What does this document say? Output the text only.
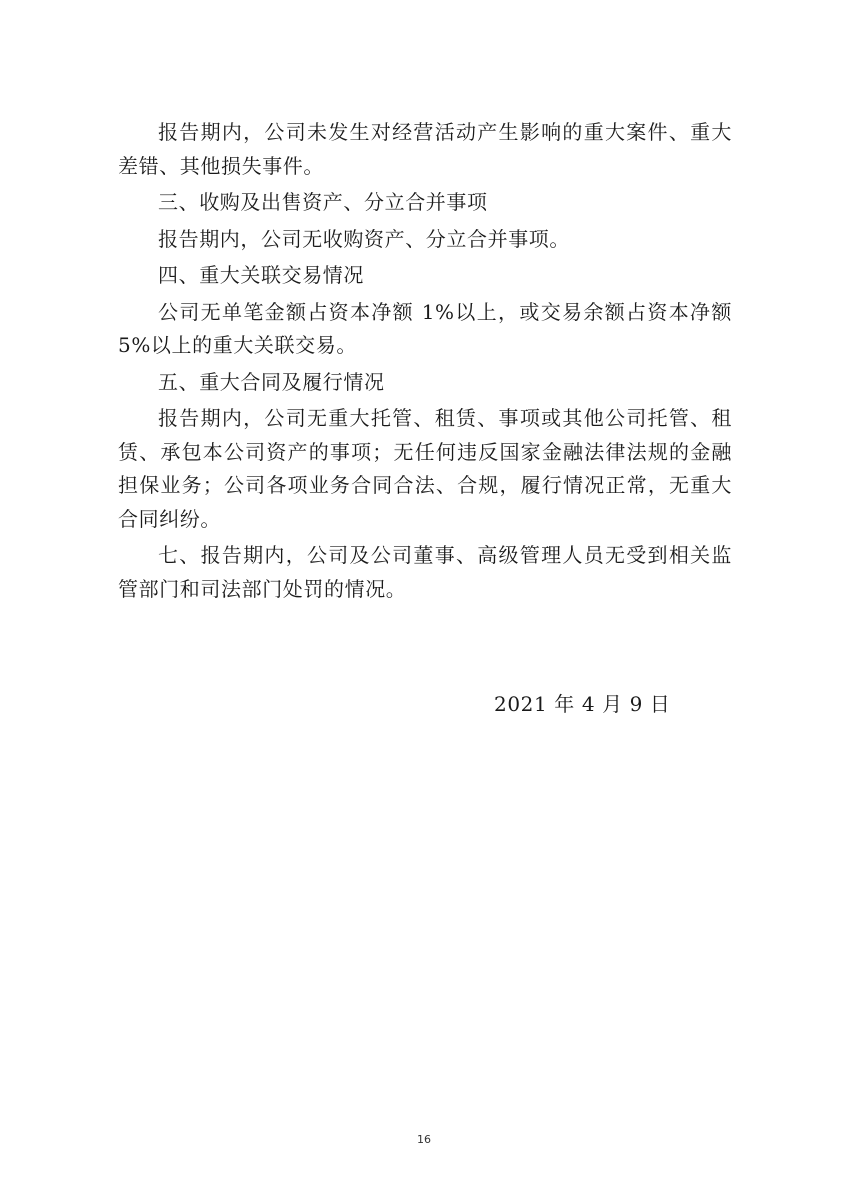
报告期内，公司未发生对经营活动产生影响的重大案件、重大差错、其他损失事件。

三、收购及出售资产、分立合并事项

报告期内，公司无收购资产、分立合并事项。

四、重大关联交易情况

公司无单笔金额占资本净额 1%以上，或交易余额占资本净额 5%以上的重大关联交易。

五、重大合同及履行情况

报告期内，公司无重大托管、租赁、事项或其他公司托管、租赁、承包本公司资产的事项；无任何违反国家金融法律法规的金融担保业务；公司各项业务合同合法、合规，履行情况正常，无重大合同纠纷。

七、报告期内，公司及公司董事、高级管理人员无受到相关监管部门和司法部门处罚的情况。

2021 年 4 月 9 日
16
